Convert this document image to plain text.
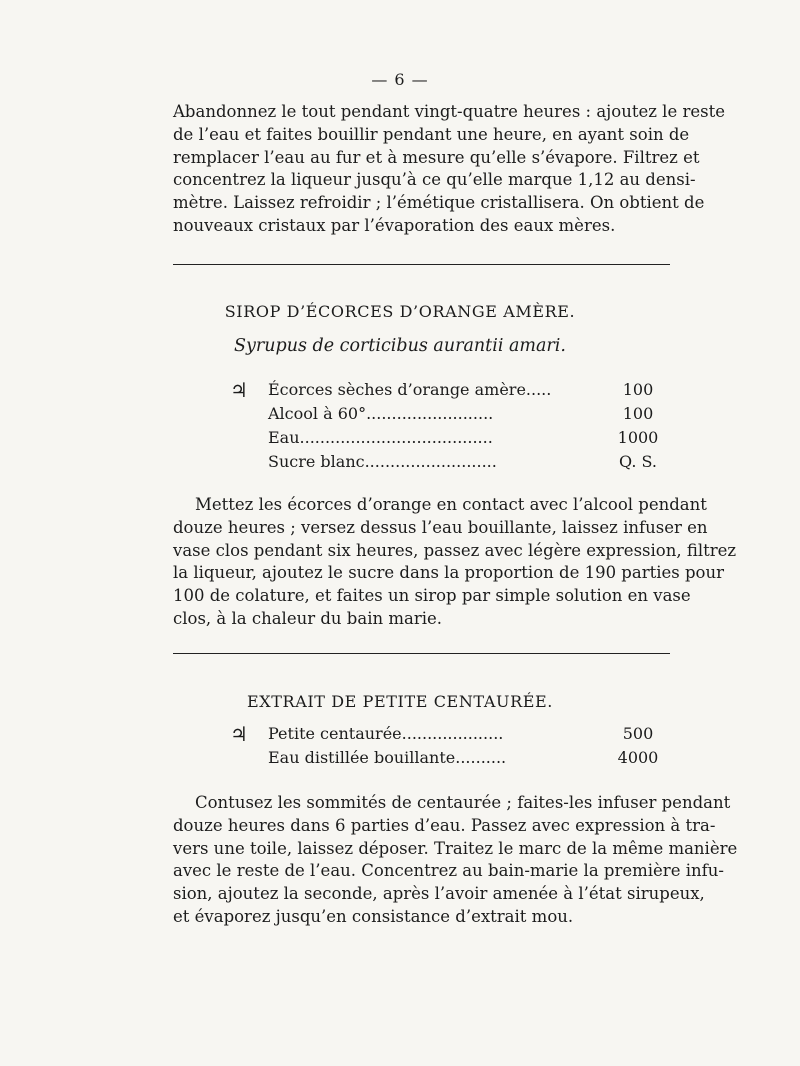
— 6 —
Abandonnez le tout pendant vingt-quatre heures : ajoutez le reste
de l’eau et faites bouillir pendant une heure, en ayant soin de
remplacer l’eau au fur et à mesure qu’elle s’évapore. Filtrez et
concentrez la liqueur jusqu’à ce qu’elle marque 1,12 au densi-
mètre. Laissez refroidir ; l’émétique cristallisera. On obtient de
nouveaux cristaux par l’évaporation des eaux mères.
SIROP D’ÉCORCES D’ORANGE AMÈRE.
Syrupus de corticibus aurantii amari.
♃ Écorces sèches d’orange amère.....	100
Alcool à 60°.........................	100
Eau......................................	1000
Sucre blanc..........................	Q. S.
Mettez les écorces d’orange en contact avec l’alcool pendant
douze heures ; versez dessus l’eau bouillante, laissez infuser en
vase clos pendant six heures, passez avec légère expression, filtrez
la liqueur, ajoutez le sucre dans la proportion de 190 parties pour
100 de colature, et faites un sirop par simple solution en vase
clos, à la chaleur du bain marie.
EXTRAIT DE PETITE CENTAURÉE.
♃ Petite centaurée....................	500
Eau distillée bouillante..........	4000
Contusez les sommités de centaurée ; faites-les infuser pendant
douze heures dans 6 parties d’eau. Passez avec expression à tra-
vers une toile, laissez déposer. Traitez le marc de la même manière
avec le reste de l’eau. Concentrez au bain-marie la première infu-
sion, ajoutez la seconde, après l’avoir amenée à l’état sirupeux,
et évaporez jusqu’en consistance d’extrait mou.
